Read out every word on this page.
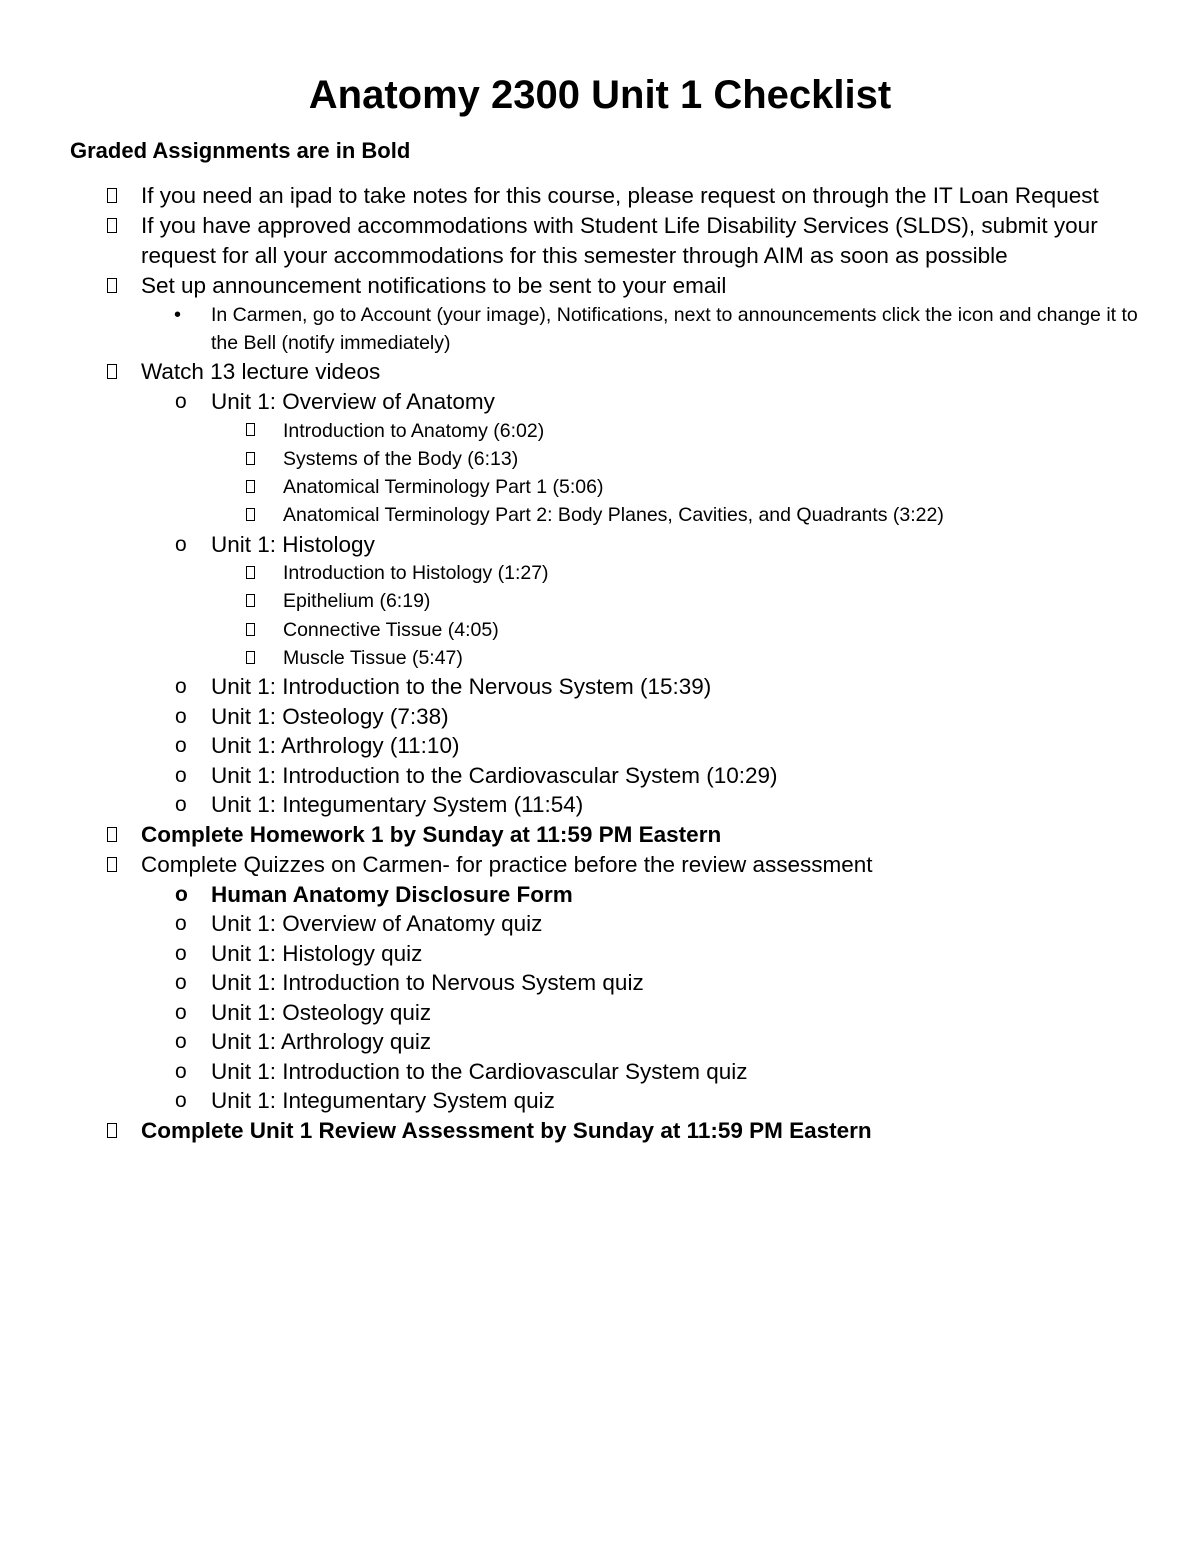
Anatomy 2300 Unit 1 Checklist

Graded Assignments are in Bold

If you need an ipad to take notes for this course, please request on through the IT Loan Request
If you have approved accommodations with Student Life Disability Services (SLDS), submit your request for all your accommodations for this semester through AIM as soon as possible
Set up announcement notifications to be sent to your email
• In Carmen, go to Account (your image), Notifications, next to announcements click the icon and change it to the Bell (notify immediately)
Watch 13 lecture videos
o Unit 1: Overview of Anatomy
Introduction to Anatomy (6:02)
Systems of the Body (6:13)
Anatomical Terminology Part 1 (5:06)
Anatomical Terminology Part 2: Body Planes, Cavities, and Quadrants (3:22)
o Unit 1: Histology
Introduction to Histology (1:27)
Epithelium (6:19)
Connective Tissue (4:05)
Muscle Tissue (5:47)
o Unit 1: Introduction to the Nervous System (15:39)
o Unit 1: Osteology (7:38)
o Unit 1: Arthrology (11:10)
o Unit 1: Introduction to the Cardiovascular System (10:29)
o Unit 1: Integumentary System (11:54)
Complete Homework 1 by Sunday at 11:59 PM Eastern
Complete Quizzes on Carmen- for practice before the review assessment
o Human Anatomy Disclosure Form
o Unit 1: Overview of Anatomy quiz
o Unit 1: Histology quiz
o Unit 1: Introduction to Nervous System quiz
o Unit 1: Osteology quiz
o Unit 1: Arthrology quiz
o Unit 1: Introduction to the Cardiovascular System quiz
o Unit 1: Integumentary System quiz
Complete Unit 1 Review Assessment by Sunday at 11:59 PM Eastern
